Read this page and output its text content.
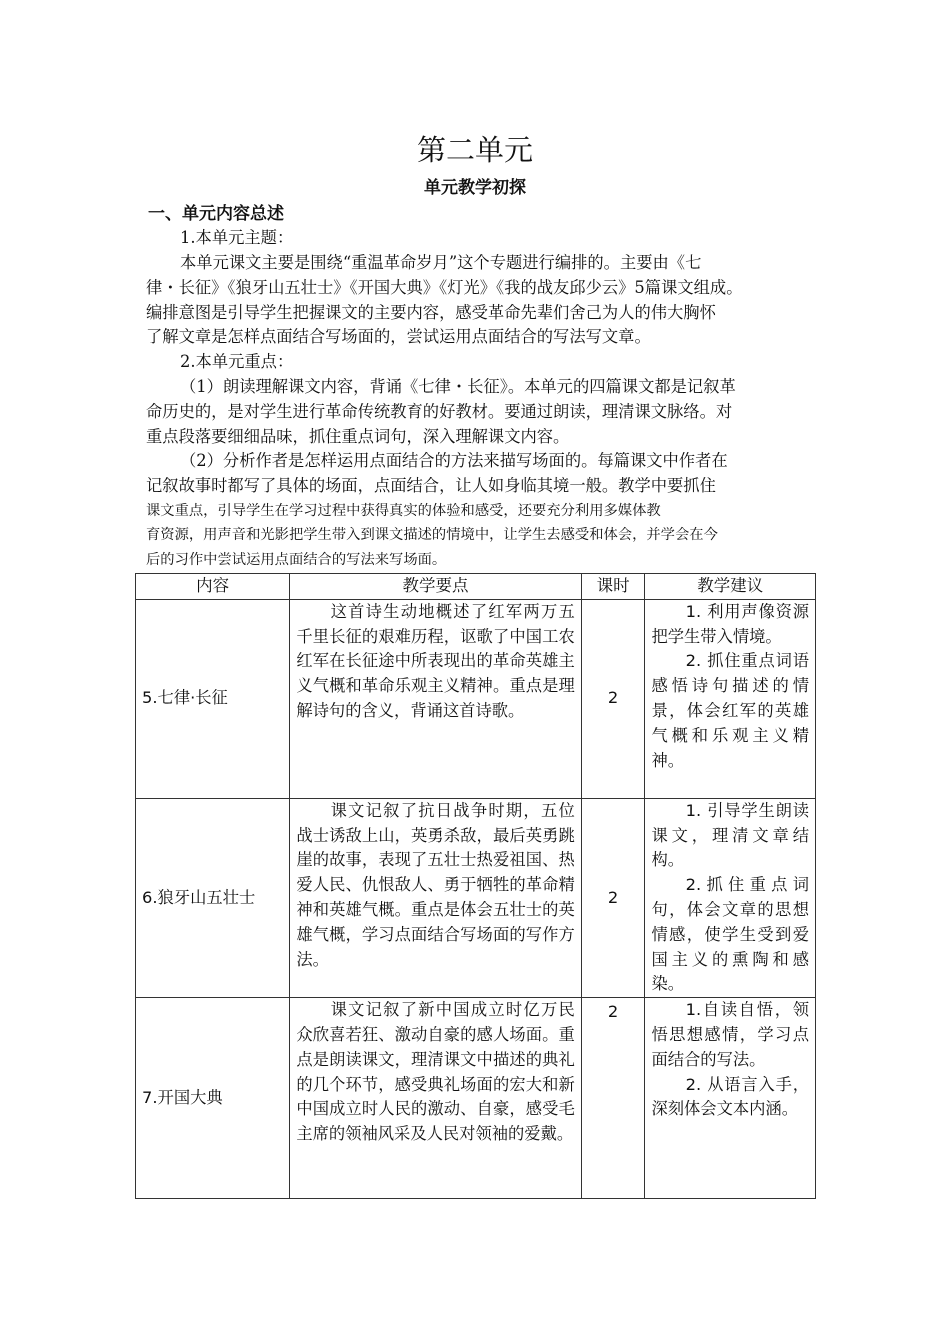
第二单元
单元教学初探
一、单元内容总述
1.本单元主题：
本单元课文主要是围绕“重温革命岁月”这个专题进行编排的。主要由《七
律・长征》《狼牙山五壮士》《开国大典》《灯光》《我的战友邱少云》5篇课文组成。
编排意图是引导学生把握课文的主要内容，感受革命先辈们舍己为人的伟大胸怀
了解文章是怎样点面结合写场面的，尝试运用点面结合的写法写文章。
2.本单元重点：
（1）朗读理解课文内容，背诵《七律・长征》。本单元的四篇课文都是记叙革
命历史的，是对学生进行革命传统教育的好教材。要通过朗读，理清课文脉络。对
重点段落要细细品味，抓住重点词句，深入理解课文内容。
（2）分析作者是怎样运用点面结合的方法来描写场面的。每篇课文中作者在
记叙故事时都写了具体的场面，点面结合，让人如身临其境一般。教学中要抓住
课文重点，引导学生在学习过程中获得真实的体验和感受，还要充分利用多媒体教
育资源，用声音和光影把学生带入到课文描述的情境中，让学生去感受和体会，并学会在今
后的习作中尝试运用点面结合的写法来写场面。
内容	教学要点	课时	教学建议
5.七律·长征	这首诗生动地概述了红军两万五千里长征的艰难历程，讴歌了中国工农红军在长征途中所表现出的革命英雄主义气概和革命乐观主义精神。重点是理解诗句的含义，背诵这首诗歌。	2	1. 利用声像资源把学生带入情境。
2. 抓住重点词语感悟诗句描述的情景，体会红军的英雄气概和乐观主义精神。

6.狼牙山五壮士	课文记叙了抗日战争时期，五位战士诱敌上山，英勇杀敌，最后英勇跳崖的故事，表现了五壮士热爱祖国、热爱人民、仇恨敌人、勇于牺牲的革命精神和英雄气概。重点是体会五壮士的英雄气概，学习点面结合写场面的写作方法。	2	1. 引导学生朗读课文，理清文章结构。
2.抓住重点词句，体会文章的思想情感，使学生受到爱国主义的熏陶和感染。

7.开国大典	课文记叙了新中国成立时亿万民众欣喜若狂、激动自豪的感人场面。重点是朗读课文，理清课文中描述的典礼的几个环节，感受典礼场面的宏大和新中国成立时人民的激动、自豪，感受毛主席的领袖风采及人民对领袖的爱戴。	2	1.自读自悟，领悟思想感情，学习点面结合的写法。
2. 从语言入手，深刻体会文本内涵。
